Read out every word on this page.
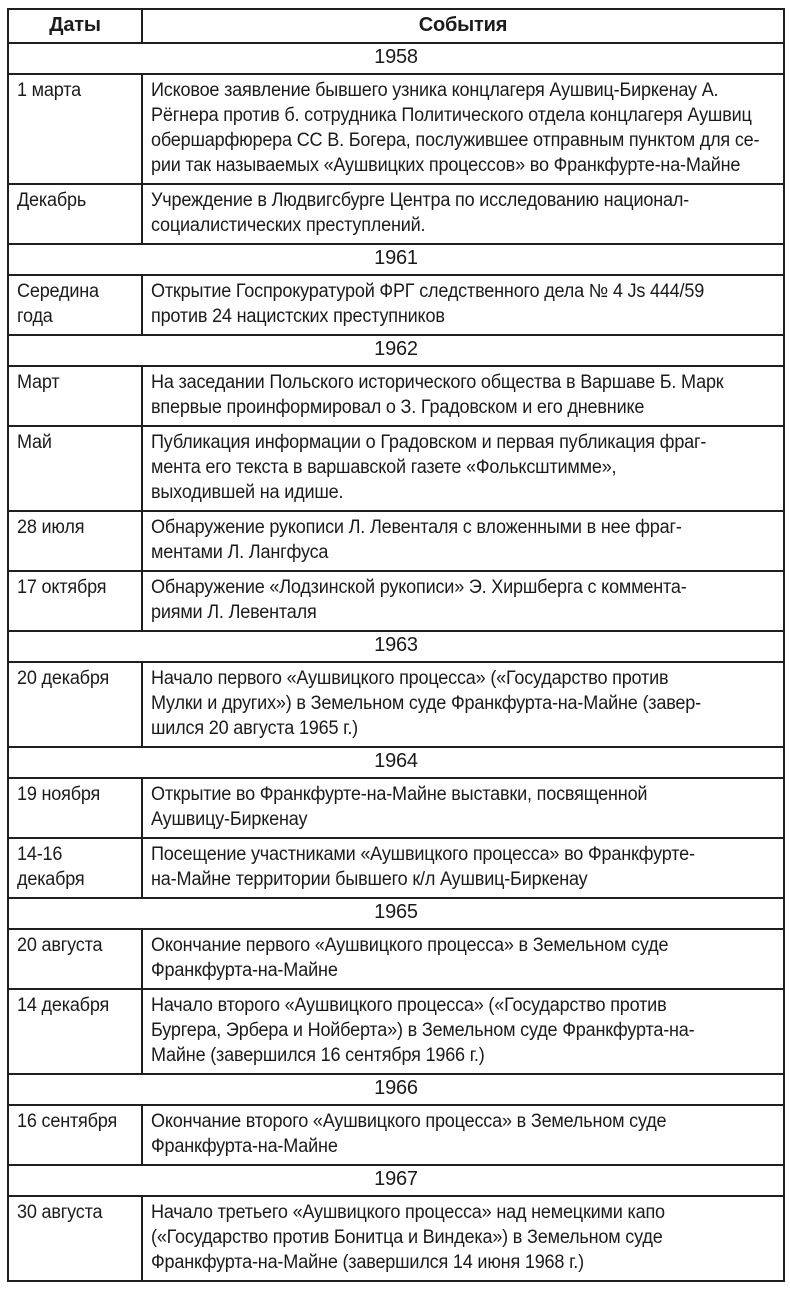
Даты	События
1958	
1 марта	Исковое заявление бывшего узника концлагеря Аушвиц-Биркенау А.
Рёгнера против б. сотрудника Политического отдела концлагеря Аушвиц
обершарфюрера СС В. Богера, послужившее отправным пунктом для се-
рии так называемых «Аушвицких процессов» во Франкфурте-на-Майне
Декабрь	Учреждение в Людвигсбурге Центра по исследованию национал-
социалистических преступлений.
1961	
Середина
года	Открытие Госпрокуратурой ФРГ следственного дела № 4 Js 444/59
против 24 нацистских преступников
1962	
Март	На заседании Польского исторического общества в Варшаве Б. Марк
впервые проинформировал о З. Градовском и его дневнике
Май	Публикация информации о Градовском и первая публикация фраг-
мента его текста в варшавской газете «Фольксштимме»,
выходившей на идише.
28 июля	Обнаружение рукописи Л. Левенталя с вложенными в нее фраг-
ментами Л. Лангфуса
17 октября	Обнаружение «Лодзинской рукописи» Э. Хиршберга с коммента-
риями Л. Левенталя
1963	
20 декабря	Начало первого «Аушвицкого процесса» («Государство против
Мулки и других») в Земельном суде Франкфурта-на-Майне (завер-
шился 20 августа 1965 г.)
1964	
19 ноября	Открытие во Франкфурте-на-Майне выставки, посвященной
Аушвицу-Биркенау
14-16
декабря	Посещение участниками «Аушвицкого процесса» во Франкфурте-
на-Майне территории бывшего к/л Аушвиц-Биркенау
1965	
20 августа	Окончание первого «Аушвицкого процесса» в Земельном суде
Франкфурта-на-Майне
14 декабря	Начало второго «Аушвицкого процесса» («Государство против
Бургера, Эрбера и Нойберта») в Земельном суде Франкфурта-на-
Майне (завершился 16 сентября 1966 г.)
1966	
16 сентября	Окончание второго «Аушвицкого процесса» в Земельном суде
Франкфурта-на-Майне
1967	
30 августа	Начало третьего «Аушвицкого процесса» над немецкими капо
(«Государство против Бонитца и Виндека») в Земельном суде
Франкфурта-на-Майне (завершился 14 июня 1968 г.)
